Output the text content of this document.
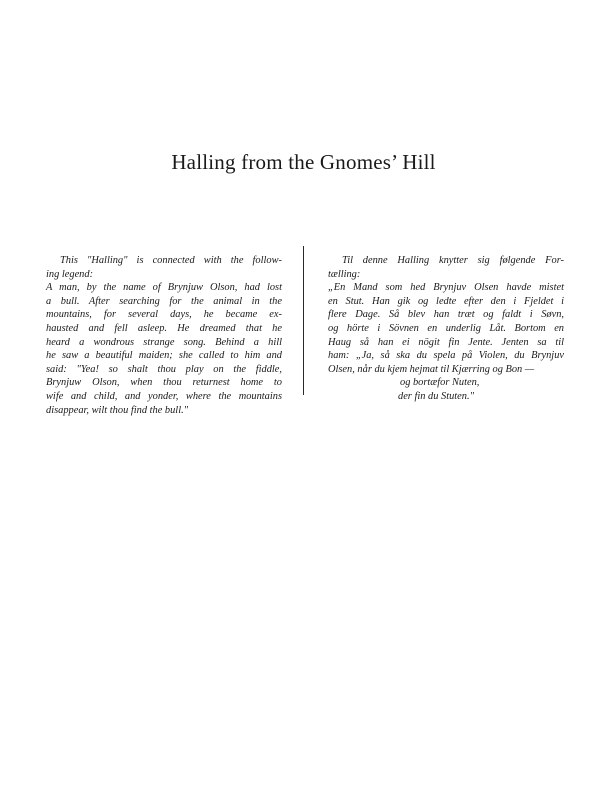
Halling from the Gnomes’ Hill
This "Halling" is connected with the follow-
ing legend:
A man, by the name of Brynjuw Olson, had lost
a bull. After searching for the animal in the
mountains, for several days, he became ex-
hausted and fell asleep. He dreamed that he
heard a wondrous strange song. Behind a hill
he saw a beautiful maiden; she called to him and
said: "Yea! so shalt thou play on the fiddle,
Brynjuw Olson, when thou returnest home to
wife and child, and yonder, where the mountains
disappear, wilt thou find the bull."
Til denne Halling knytter sig følgende For-
tælling:
„En Mand som hed Brynjuv Olsen havde mistet
en Stut. Han gik og ledte efter den i Fjeldet i
flere Dage. Så blev han træt og faldt i Søvn,
og hörte i Sövnen en underlig Låt. Bortom en
Haug så han ei nögit fin Jente. Jenten sa til
ham: „Ja, så ska du spela på Violen, du Brynjuv
Olsen, når du kjem hejmat til Kjærring og Bon —
og bortæfor Nuten,
der fin du Stuten."
